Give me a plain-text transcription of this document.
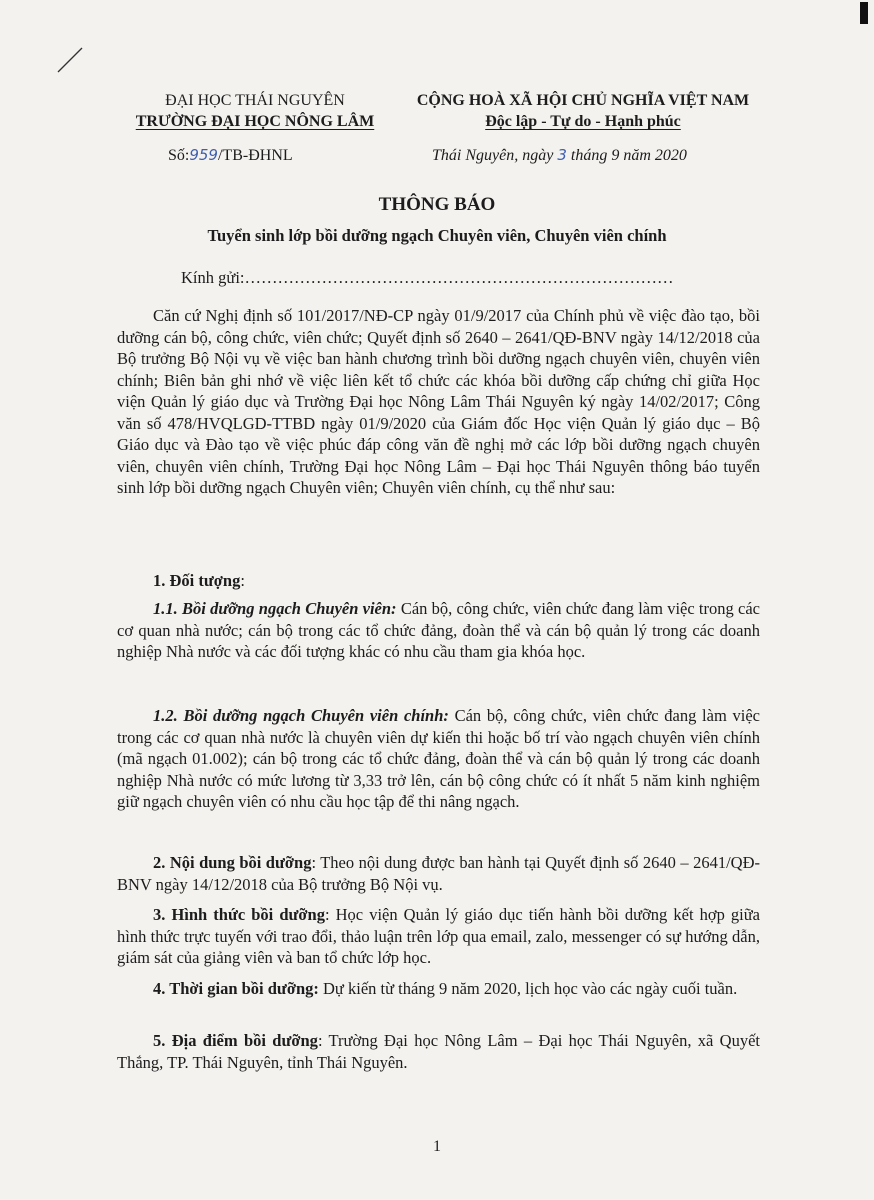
ĐẠI HỌC THÁI NGUYÊN
TRƯỜNG ĐẠI HỌC NÔNG LÂM
CỘNG HOÀ XÃ HỘI CHỦ NGHĨA VIỆT NAM
Độc lập - Tự do - Hạnh phúc
Số:959/TB-ĐHNL	Thái Nguyên, ngày 3 tháng 9 năm 2020
THÔNG BÁO
Tuyển sinh lớp bồi dưỡng ngạch Chuyên viên, Chuyên viên chính
Kính gửi:……………………………………………………………………
Căn cứ Nghị định số 101/2017/NĐ-CP ngày 01/9/2017 của Chính phủ về việc đào tạo, bồi dưỡng cán bộ, công chức, viên chức; Quyết định số 2640 – 2641/QĐ-BNV ngày 14/12/2018 của Bộ trưởng Bộ Nội vụ về việc ban hành chương trình bồi dưỡng ngạch chuyên viên, chuyên viên chính; Biên bản ghi nhớ về việc liên kết tổ chức các khóa bồi dưỡng cấp chứng chỉ giữa Học viện Quản lý giáo dục và Trường Đại học Nông Lâm Thái Nguyên ký ngày 14/02/2017; Công văn số 478/HVQLGD-TTBD ngày 01/9/2020 của Giám đốc Học viện Quản lý giáo dục – Bộ Giáo dục và Đào tạo về việc phúc đáp công văn đề nghị mở các lớp bồi dưỡng ngạch chuyên viên, chuyên viên chính, Trường Đại học Nông Lâm – Đại học Thái Nguyên thông báo tuyển sinh lớp bồi dưỡng ngạch Chuyên viên; Chuyên viên chính, cụ thể như sau:
1. Đối tượng:
1.1. Bồi dưỡng ngạch Chuyên viên: Cán bộ, công chức, viên chức đang làm việc trong các cơ quan nhà nước; cán bộ trong các tổ chức đảng, đoàn thể và cán bộ quản lý trong các doanh nghiệp Nhà nước và các đối tượng khác có nhu cầu tham gia khóa học.
1.2. Bồi dưỡng ngạch Chuyên viên chính: Cán bộ, công chức, viên chức đang làm việc trong các cơ quan nhà nước là chuyên viên dự kiến thi hoặc bố trí vào ngạch chuyên viên chính (mã ngạch 01.002); cán bộ trong các tổ chức đảng, đoàn thể và cán bộ quản lý trong các doanh nghiệp Nhà nước có mức lương từ 3,33 trở lên, cán bộ công chức có ít nhất 5 năm kinh nghiệm giữ ngạch chuyên viên có nhu cầu học tập để thi nâng ngạch.
2. Nội dung bồi dưỡng: Theo nội dung được ban hành tại Quyết định số 2640 – 2641/QĐ-BNV ngày 14/12/2018 của Bộ trưởng Bộ Nội vụ.
3. Hình thức bồi dưỡng: Học viện Quản lý giáo dục tiến hành bồi dưỡng kết hợp giữa hình thức trực tuyến với trao đổi, thảo luận trên lớp qua email, zalo, messenger có sự hướng dẫn, giám sát của giảng viên và ban tổ chức lớp học.
4. Thời gian bồi dưỡng: Dự kiến từ tháng 9 năm 2020, lịch học vào các ngày cuối tuần.
5. Địa điểm bồi dưỡng: Trường Đại học Nông Lâm – Đại học Thái Nguyên, xã Quyết Thắng, TP. Thái Nguyên, tỉnh Thái Nguyên.
1
